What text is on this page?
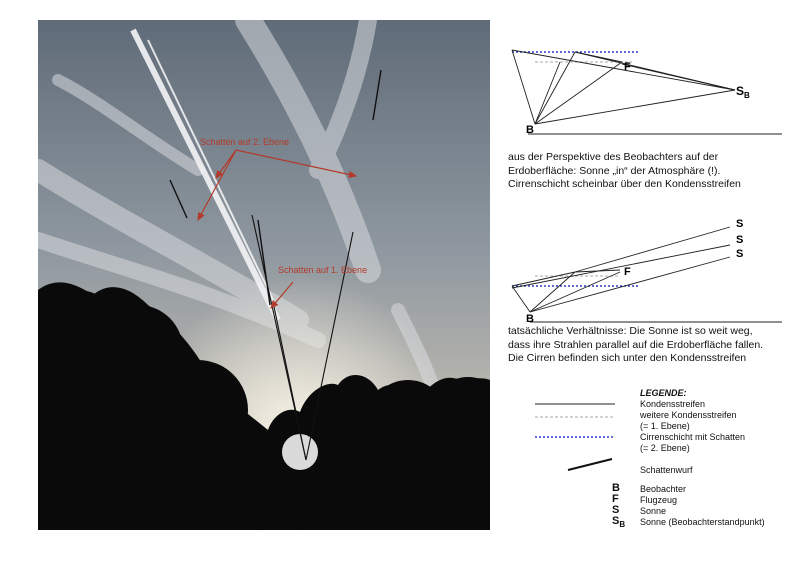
Schatten auf 2. Ebene
Schatten auf 1. Ebene
F
$S_B$
B
F
S
S
S
B
aus der Perspektive des Beobachters auf der
Erdoberfläche: Sonne „in“ der Atmosphäre (!).
Cirrenschicht scheinbar über den Kondensstreifen
tatsächliche Verhältnisse: Die Sonne ist so weit weg,
dass ihre Strahlen parallel auf die Erdoberfläche fallen.
Die Cirren befinden sich unter den Kondensstreifen
LEGENDE:
Kondensstreifen
weitere Kondensstreifen
(= 1. Ebene)
Cirrenschicht mit Schatten
(= 2. Ebene)
Schattenwurf
B Beobachter
F Flugzeug
S Sonne
$S_B$ Sonne (Beobachterstandpunkt)
